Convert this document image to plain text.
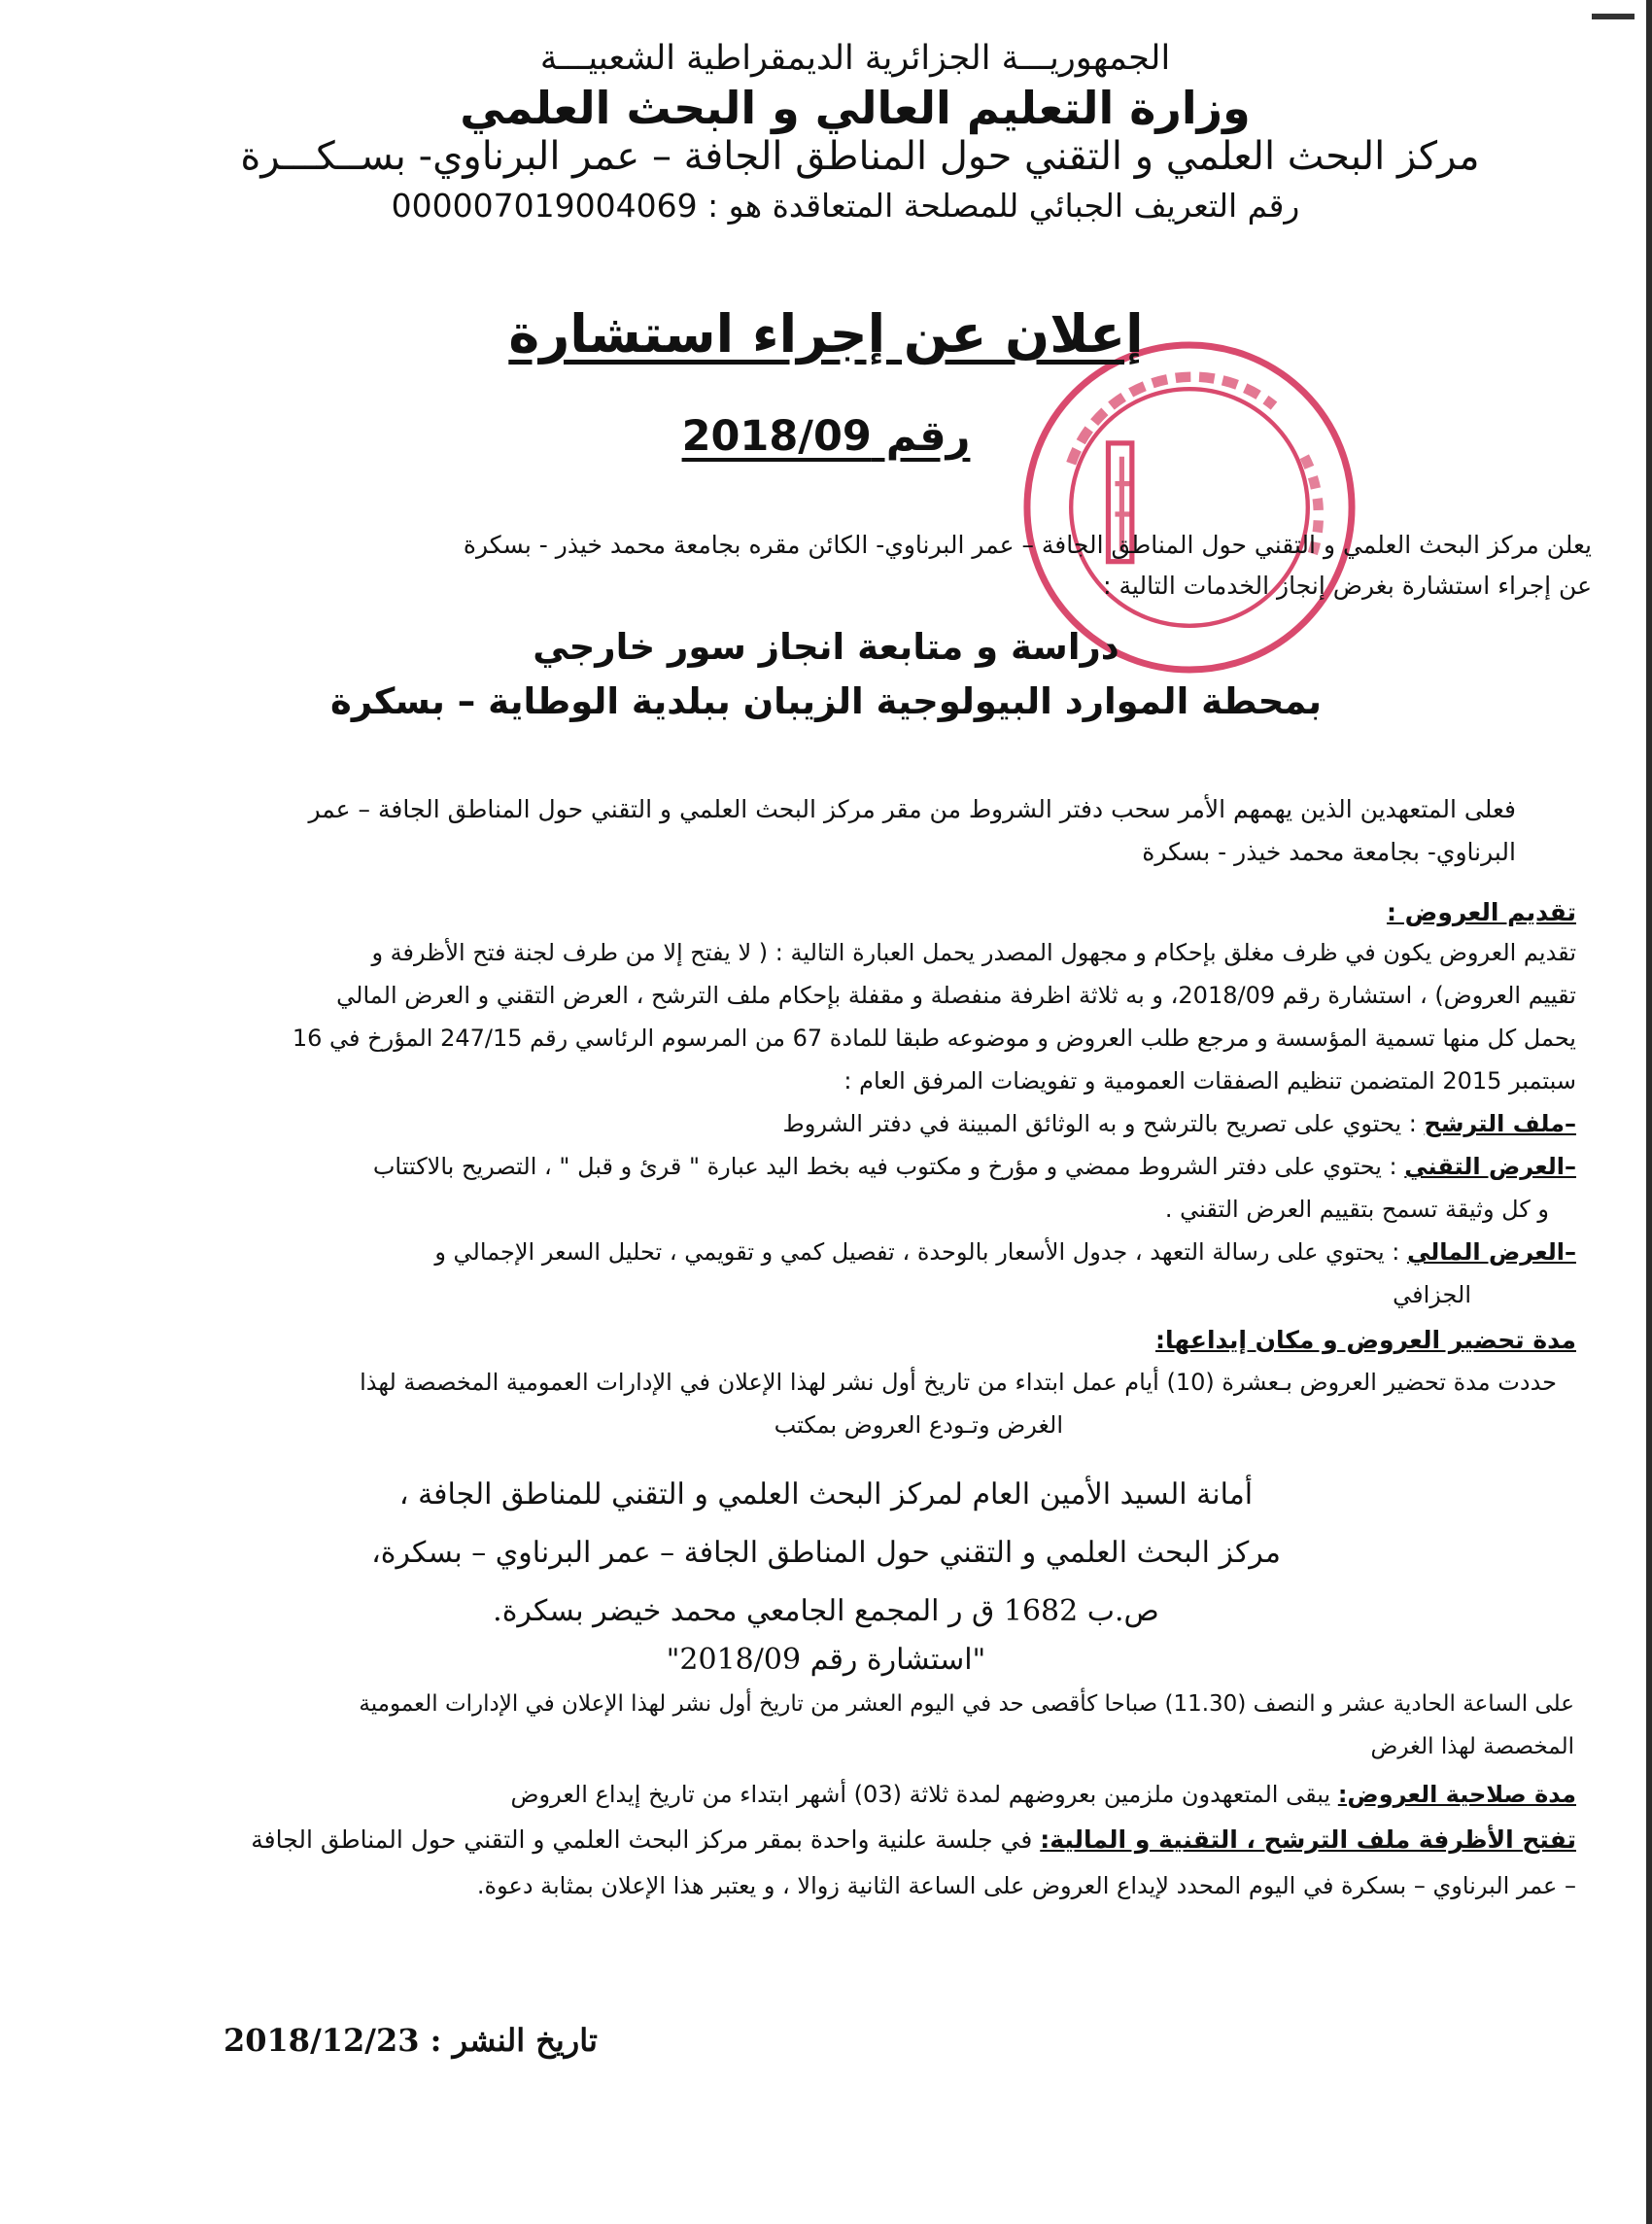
الجمهوريـــة الجزائرية الديمقراطية الشعبيـــة
وزارة التعليم العالي و البحث العلمي
مركز البحث العلمي و التقني حول المناطق الجافة – عمر البرناوي- بســكـــرة
رقم التعريف الجبائي للمصلحة المتعاقدة هو : 000007019004069
إعلان عن إجراء استشارة
رقم 2018/09
يعلن مركز البحث العلمي و التقني حول المناطق الجافة – عمر البرناوي- الكائن مقره بجامعة محمد خيذر - بسكرة
عن إجراء استشارة بغرض إنجاز الخدمات التالية :
دراسة و متابعة انجاز سور خارجي
بمحطة الموارد البيولوجية الزيبان ببلدية الوطاية – بسكرة
فعلى المتعهدين الذين يهمهم الأمر سحب دفتر الشروط من مقر مركز البحث العلمي و التقني حول المناطق الجافة – عمر
البرناوي- بجامعة محمد خيذر - بسكرة
تقديم العروض :
تقديم العروض يكون في ظرف مغلق بإحكام و مجهول المصدر يحمل العبارة التالية : ( لا يفتح إلا من طرف لجنة فتح الأظرفة و
تقييم العروض) ، استشارة رقم 2018/09، و به ثلاثة اظرفة منفصلة و مقفلة بإحكام ملف الترشح ، العرض التقني و العرض المالي
يحمل كل منها تسمية المؤسسة و مرجع طلب العروض و موضوعه طبقا للمادة 67 من المرسوم الرئاسي رقم 247/15 المؤرخ في 16
سبتمبر 2015 المتضمن تنظيم الصفقات العمومية و تفويضات المرفق العام :
–ملف الترشح : يحتوي على تصريح بالترشح و به الوثائق المبينة في دفتر الشروط
–العرض التقني : يحتوي على دفتر الشروط ممضي و مؤرخ و مكتوب فيه بخط اليد عبارة " قرئ و قبل " ، التصريح بالاكتتاب
و كل وثيقة تسمح بتقييم العرض التقني .
–العرض المالي : يحتوي على رسالة التعهد ، جدول الأسعار بالوحدة ، تفصيل كمي و تقويمي ، تحليل السعر الإجمالي و
الجزافي
مدة تحضير العروض و مكان إيداعها:
حددت مدة تحضير العروض بـعشرة (10) أيام عمل ابتداء من تاريخ أول نشر لهذا الإعلان في الإدارات العمومية المخصصة لهذا
الغرض وتـودع العروض بمكتب
أمانة السيد الأمين العام لمركز البحث العلمي و التقني للمناطق الجافة ،
مركز البحث العلمي و التقني حول المناطق الجافة – عمر البرناوي – بسكرة،
ص.ب 1682 ق ر المجمع الجامعي محمد خيضر بسكرة.
"استشارة رقم 2018/09"
على الساعة الحادية عشر و النصف (11.30) صباحا كأقصى حد في اليوم العشر من تاريخ أول نشر لهذا الإعلان في الإدارات العمومية
المخصصة لهذا الغرض
مدة صلاحية العروض: يبقى المتعهدون ملزمين بعروضهم لمدة ثلاثة (03) أشهر ابتداء من تاريخ إيداع العروض
تفتح الأظرفة ملف الترشح ، التقنية و المالية: في جلسة علنية واحدة بمقر مركز البحث العلمي و التقني حول المناطق الجافة
– عمر البرناوي – بسكرة في اليوم المحدد لإيداع العروض على الساعة الثانية زوالا ، و يعتبر هذا الإعلان بمثابة دعوة.
تاريخ النشر : 2018/12/23
